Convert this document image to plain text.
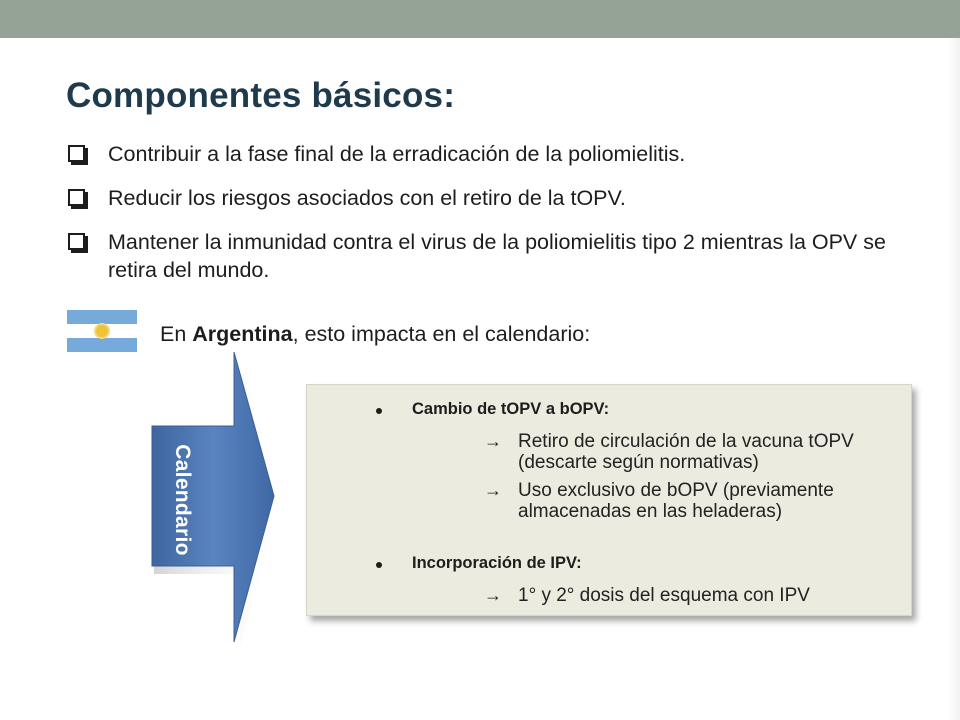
Componentes básicos:
Contribuir a la fase final de la erradicación de la poliomielitis.
Reducir los riesgos asociados con el retiro de la tOPV.
Mantener la inmunidad contra el virus de la poliomielitis tipo 2 mientras la OPV se retira del mundo.
En Argentina, esto impacta en el calendario:
Calendario
Cambio de tOPV a bOPV:
→ Retiro de circulación de la vacuna tOPV (descarte según normativas)
→ Uso exclusivo de bOPV (previamente almacenadas en las heladeras)
Incorporación de IPV:
→ 1° y 2° dosis del esquema con IPV
